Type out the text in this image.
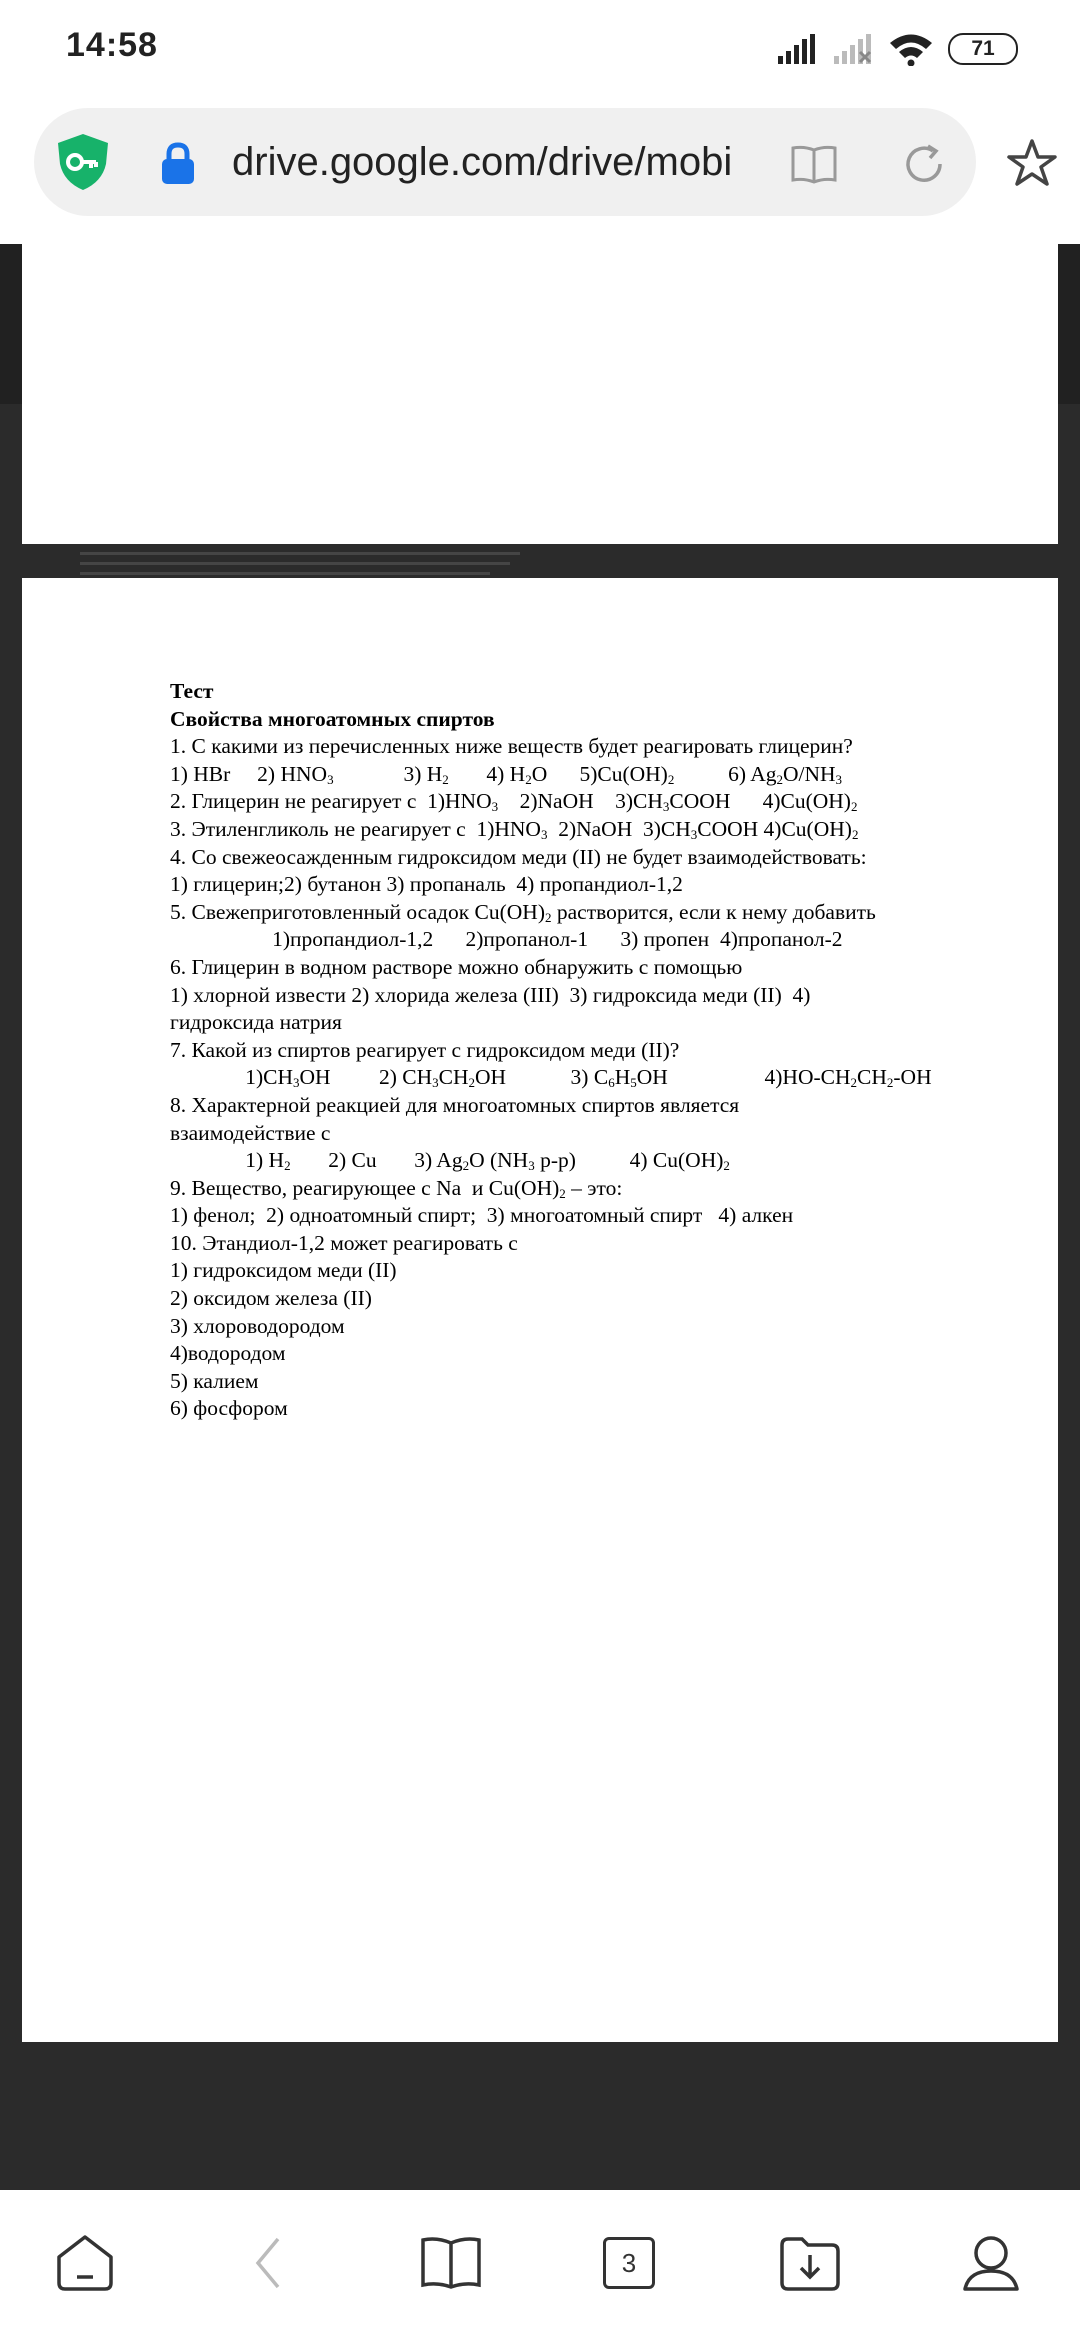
14:58	71
drive.google.com/drive/mobi
Тест
Свойства многоатомных спиртов
1. С какими из перечисленных ниже веществ будет реагировать глицерин?
1) HBr     2) $HNO_3$             3) $H_2$       4) $H_2O$      $5)Cu(OH)_2$          6) $Ag_2O/NH_3$
2. Глицерин не реагирует с  $1)HNO_3$    2)NaOH    $3)CH_3COOH$      $4)Cu(OH)_2$
3. Этиленгликоль не реагирует с  $1)HNO_3$  2)NaOH  $3)CH_3COOH$ $4)Cu(OH)_2$
4. Со свежеосажденным гидроксидом меди (II) не будет взаимодействовать:
1) глицерин;2) бутанон 3) пропаналь  4) пропандиол-1,2
5. Свежеприготовленный осадок $Cu(OH)_2$ растворится, если к нему добавить
1)пропандиол-1,2      2)пропанол-1      3) пропен  4)пропанол-2
6. Глицерин в водном растворе можно обнаружить с помощью
1) хлорной извести 2) хлорида железа (III)  3) гидроксида меди (II)  4)
гидроксида натрия
7. Какой из спиртов реагирует с гидроксидом меди (II)?
$1)CH_3OH$         2) $CH_3CH_2OH$            3) $C_6H_5OH$                  $4)HO-CH_2CH_2-OH$
8. Характерной реакцией для многоатомных спиртов является
взаимодействие с
1) $H_2$       2) Cu       3) $Ag_2O$ ($NH_3$ р-р)          4) $Cu(OH)_2$
9. Вещество, реагирующее с Na  и $Cu(OH)_2$ – это:
1) фенол;  2) одноатомный спирт;  3) многоатомный спирт   4) алкен
10. Этандиол-1,2 может реагировать с
1) гидроксидом меди (II)
2) оксидом железа (II)
3) хлороводородом
4)водородом
5) калием
6) фосфором
3
